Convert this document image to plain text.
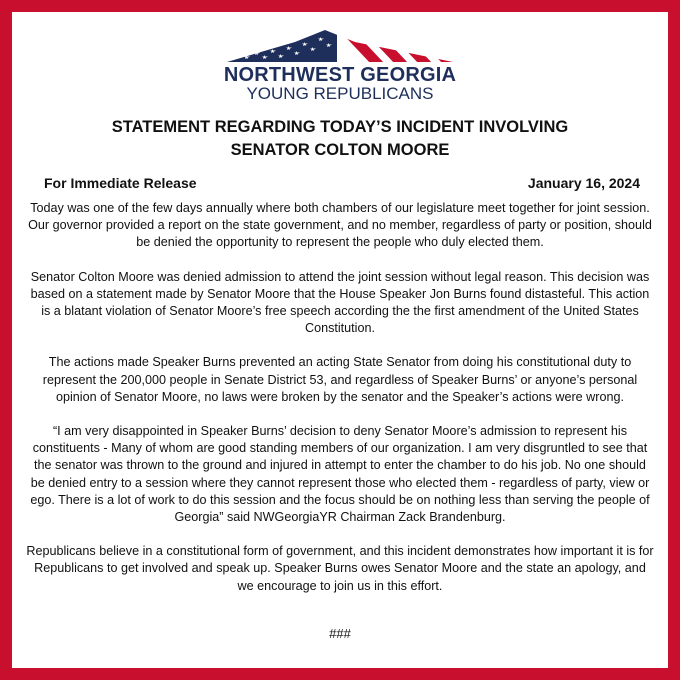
NORTHWEST GEORGIA
YOUNG REPUBLICANS
STATEMENT REGARDING TODAY’S INCIDENT INVOLVING
SENATOR COLTON MOORE
For Immediate Release	January 16, 2024

Today was one of the few days annually where both chambers of our legislature meet together for joint session. Our governor provided a report on the state government, and no member, regardless of party or position, should be denied the opportunity to represent the people who duly elected them.

Senator Colton Moore was denied admission to attend the joint session without legal reason. This decision was based on a statement made by Senator Moore that the House Speaker Jon Burns found distasteful. This action is a blatant violation of Senator Moore’s free speech according the the first amendment of the United States Constitution.

The actions made Speaker Burns prevented an acting State Senator from doing his constitutional duty to represent the 200,000 people in Senate District 53, and regardless of Speaker Burns’ or anyone’s personal opinion of Senator Moore, no laws were broken by the senator and the Speaker’s actions were wrong.

“I am very disappointed in Speaker Burns’ decision to deny Senator Moore’s admission to represent his constituents - Many of whom are good standing members of our organization. I am very disgruntled to see that the senator was thrown to the ground and injured in attempt to enter the chamber to do his job. No one should be denied entry to a session where they cannot represent those who elected them - regardless of party, view or ego. There is a lot of work to do this session and the focus should be on nothing less than serving the people of Georgia” said NWGeorgiaYR Chairman Zack Brandenburg.

Republicans believe in a constitutional form of government, and this incident demonstrates how important it is for Republicans to get involved and speak up. Speaker Burns owes Senator Moore and the state an apology, and we encourage to join us in this effort.

###
